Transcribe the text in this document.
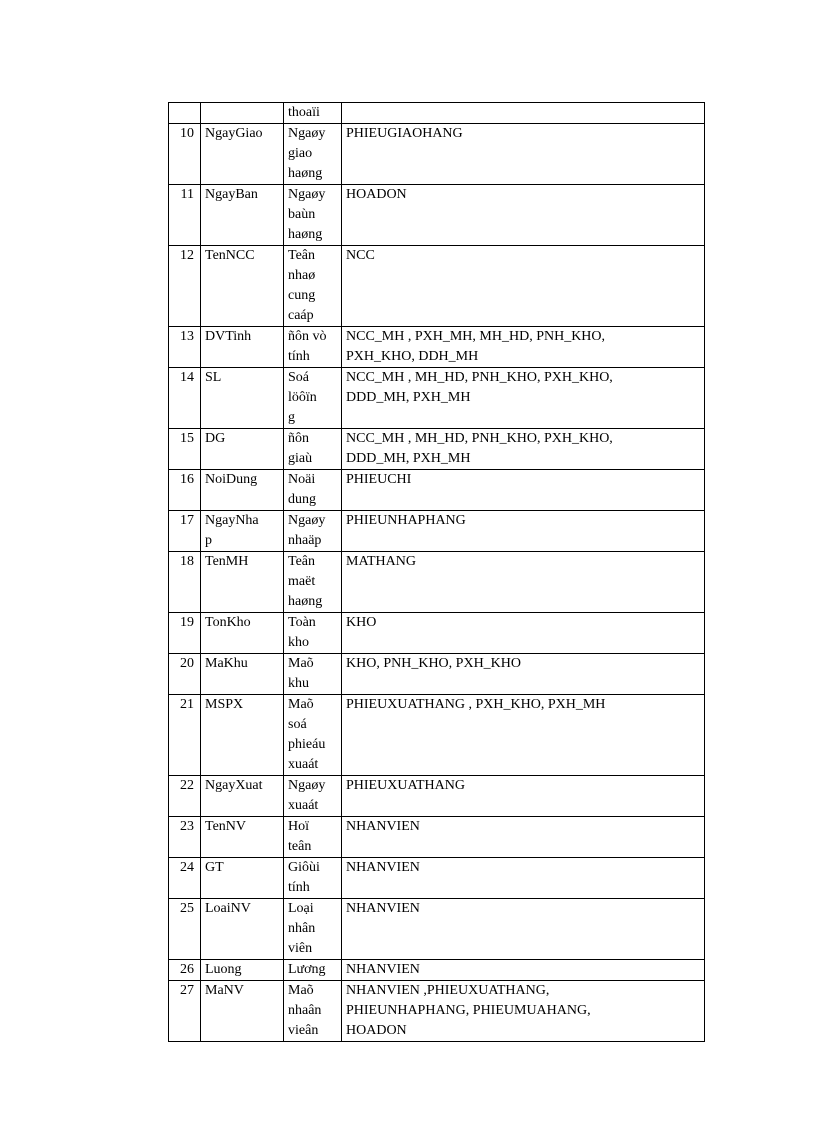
		thoaïi	

10	NgayGiao	Ngaøy
giao
haøng	PHIEUGIAOHANG

11	NgayBan	Ngaøy
baùn
haøng	HOADON

12	TenNCC	Teân
nhaø
cung
caáp	NCC

13	DVTinh	ñôn vò
tính	NCC_MH , PXH_MH, MH_HD, PNH_KHO,
PXH_KHO, DDH_MH

14	SL	Soá
löôïn
g	NCC_MH , MH_HD, PNH_KHO, PXH_KHO,
DDD_MH, PXH_MH

15	DG	ñôn
giaù	NCC_MH , MH_HD, PNH_KHO, PXH_KHO,
DDD_MH, PXH_MH

16	NoiDung	Noäi
dung	PHIEUCHI

17	NgayNha
p	Ngaøy
nhaäp	PHIEUNHAPHANG

18	TenMH	Teân
maët
haøng	MATHANG

19	TonKho	Toàn
kho	KHO

20	MaKhu	Maõ
khu	KHO, PNH_KHO, PXH_KHO

21	MSPX	Maõ
soá
phieáu
xuaát	PHIEUXUATHANG , PXH_KHO, PXH_MH

22	NgayXuat	Ngaøy
xuaát	PHIEUXUATHANG

23	TenNV	Hoï
teân	NHANVIEN

24	GT	Giôùi
tính	NHANVIEN

25	LoaiNV	Loại
nhân
viên	NHANVIEN

26	Luong	Lương	NHANVIEN

27	MaNV	Maõ
nhaân
vieân	NHANVIEN ,PHIEUXUATHANG,
PHIEUNHAPHANG, PHIEUMUAHANG,
HOADON
